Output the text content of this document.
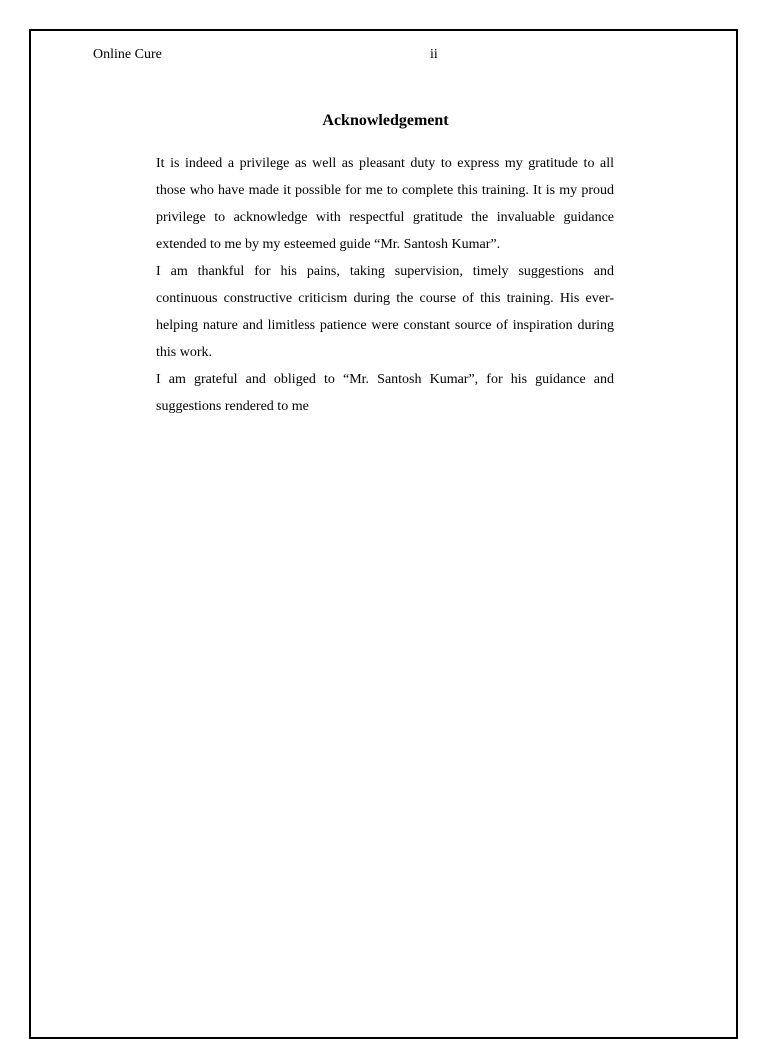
Online Cure	ii
Acknowledgement

It is indeed a privilege as well as pleasant duty to express my gratitude to all those who have made it possible for me to complete this training. It is my proud privilege to acknowledge with respectful gratitude the invaluable guidance extended to me by my esteemed guide “Mr. Santosh Kumar”.

I am thankful for his pains, taking supervision, timely suggestions and continuous constructive criticism during the course of this training. His ever-helping nature and limitless patience were constant source of inspiration during this work.

I am grateful and obliged to “Mr. Santosh Kumar”, for his guidance and suggestions rendered to me
